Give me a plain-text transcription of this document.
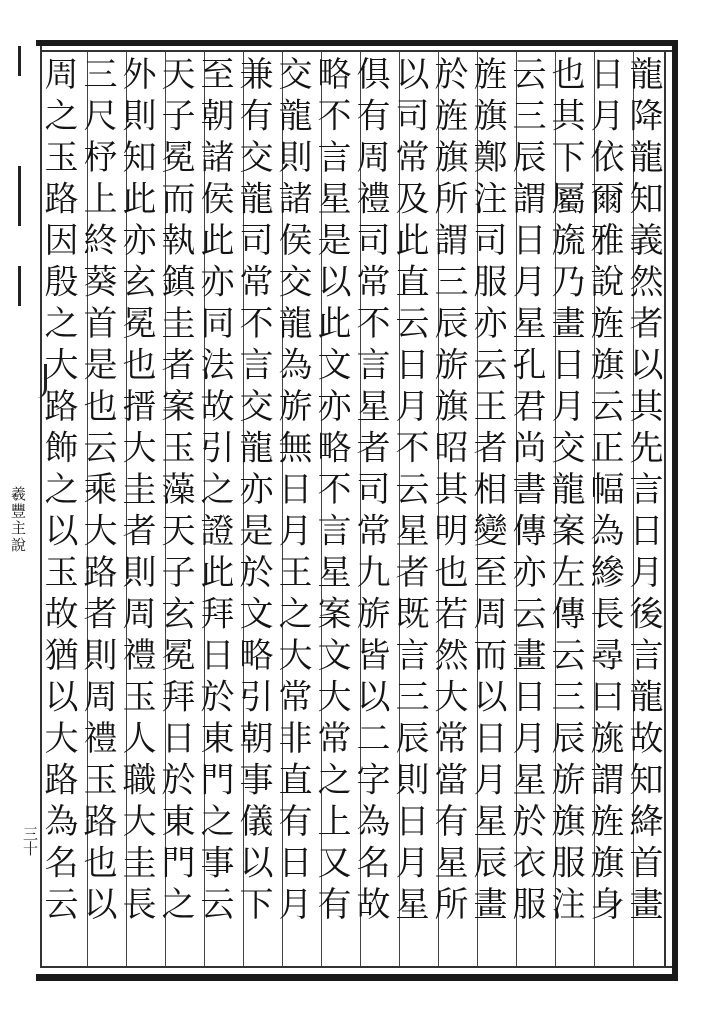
羲豐主說
三十	龍降龍知義然者以其先言日月後言龍故知絳首畫
日月依爾雅說旌旗云正幅為縿長尋曰旐謂旌旗身
也其下屬旒乃畫日月交龍案左傳云三辰旂旗服注
云三辰謂日月星孔君尚書傳亦云畫日月星於衣服
旌旗鄭注司服亦云王者相變至周而以日月星辰畫
於旌旗所謂三辰旂旗昭其明也若然大常當有星所
以司常及此直云日月不云星者既言三辰則日月星
俱有周禮司常不言星者司常九旂皆以二字為名故
略不言星是以此文亦略不言星案文大常之上又有
交龍則諸侯交龍為旂無日月王之大常非直有日月
兼有交龍司常不言交龍亦是於文略引朝事儀以下
至朝諸侯此亦同法故引之證此拜日於東門之事云
天子冕而執鎮圭者案玉藻天子玄冕拜日於東門之
外則知此亦玄冕也搢大圭者則周禮玉人職大圭長
三尺杼上終葵首是也云乘大路者則周禮玉路也以
周之玉路因殷之大路飾之以玉故猶以大路為名云
